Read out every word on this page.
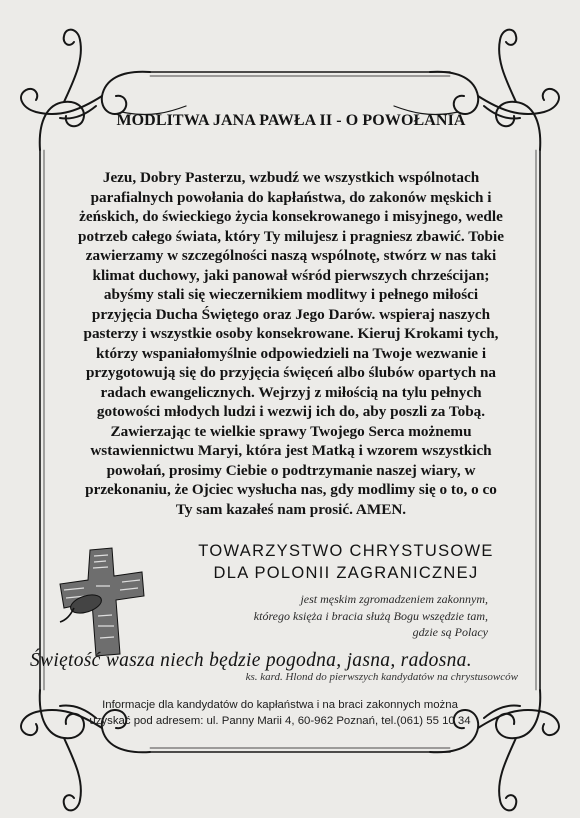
MODLITWA JANA PAWŁA II - O POWOŁANIA
Jezu, Dobry Pasterzu, wzbudź we wszystkich wspólnotach
parafialnych powołania do kapłaństwa, do zakonów męskich i
żeńskich, do świeckiego życia konsekrowanego i misyjnego, wedle
potrzeb całego świata, który Ty milujesz i pragniesz zbawić. Tobie
zawierzamy w szczególności naszą wspólnotę, stwórz w nas taki
klimat duchowy, jaki panował wśród pierwszych chrześcijan;
abyśmy stali się wieczernikiem modlitwy i pełnego miłości
przyjęcia Ducha Świętego oraz Jego Darów. wspieraj naszych
pasterzy i wszystkie osoby konsekrowane. Kieruj Krokami tych,
którzy wspaniałomyślnie odpowiedzieli na Twoje wezwanie i
przygotowują się do przyjęcia święceń albo ślubów opartych na
radach ewangelicznych. Wejrzyj z miłością na tylu pełnych
gotowości młodych ludzi i wezwij ich do, aby poszli za Tobą.
Zawierzając te wielkie sprawy Twojego Serca możnemu
wstawiennictwu Maryi, która jest Matką i wzorem wszystkich
powołań, prosimy Ciebie o podtrzymanie naszej wiary, w
przekonaniu, że Ojciec wysłucha nas, gdy modlimy się o to, o co
Ty sam kazałeś nam prosić. AMEN.
TOWARZYSTWO CHRYSTUSOWE
DLA POLONII ZAGRANICZNEJ
jest męskim zgromadzeniem zakonnym,
którego księża i bracia służą Bogu wszędzie tam,
gdzie są Polacy
Świętość wasza niech będzie pogodna, jasna, radosna.
ks. kard. Hlond do pierwszych kandydatów na chrystusowców
Informacje dla kandydatów do kapłaństwa i na braci zakonnych można
uzyskać pod adresem: ul. Panny Marii 4, 60-962 Poznań, tel.(061) 55 10 34
